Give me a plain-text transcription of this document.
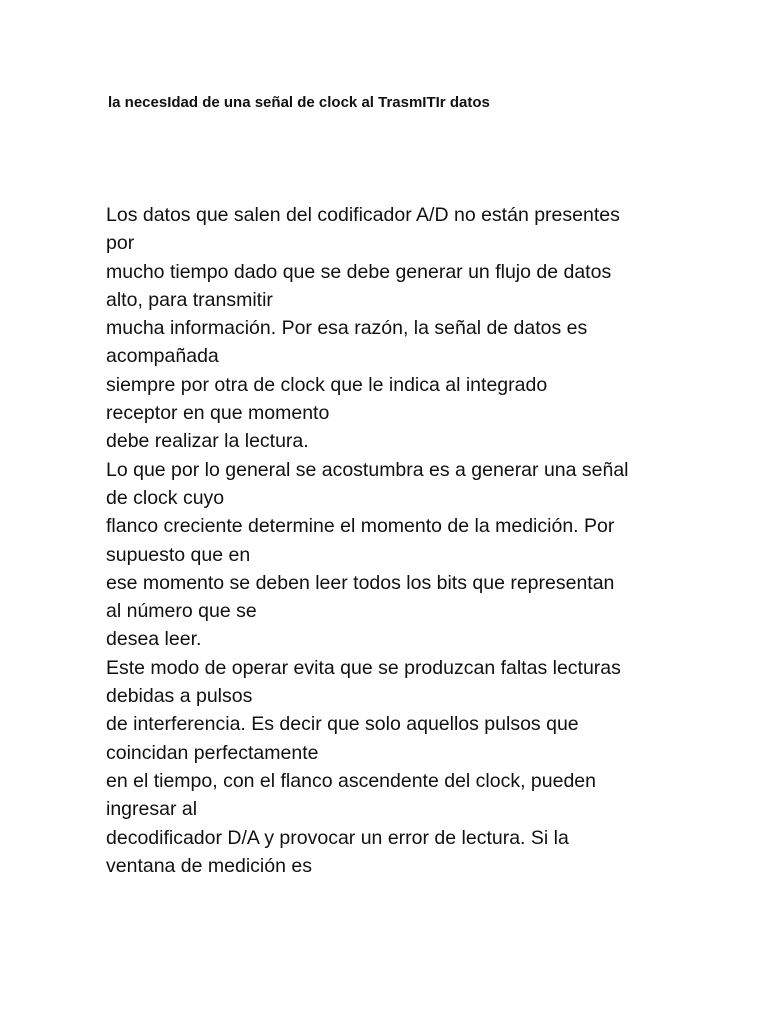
la necesIdad de una señal de clock al TrasmITIr datos
Los datos que salen del codificador A/D no están presentes
por
mucho tiempo dado que se debe generar un flujo de datos
alto, para transmitir
mucha información. Por esa razón, la señal de datos es
acompañada
siempre por otra de clock que le indica al integrado
receptor en que momento
debe realizar la lectura.
Lo que por lo general se acostumbra es a generar una señal
de clock cuyo
flanco creciente determine el momento de la medición. Por
supuesto que en
ese momento se deben leer todos los bits que representan
al número que se
desea leer.
Este modo de operar evita que se produzcan faltas lecturas
debidas a pulsos
de interferencia. Es decir que solo aquellos pulsos que
coincidan perfectamente
en el tiempo, con el flanco ascendente del clock, pueden
ingresar al
decodificador D/A y provocar un error de lectura. Si la
ventana de medición es
